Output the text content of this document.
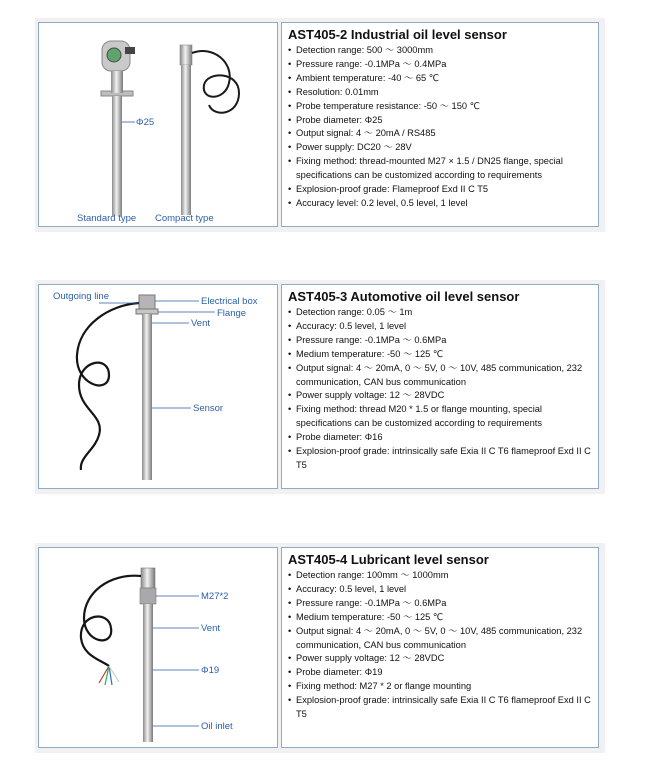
Φ25
Standard type Compact type
AST405-2 Industrial oil level sensor
• Detection range: 500 ～ 3000mm
• Pressure range: -0.1MPa ～ 0.4MPa
• Ambient temperature: -40 ～ 65 ℃
• Resolution: 0.01mm
• Probe temperature resistance: -50 ～ 150 ℃
• Probe diameter: Φ25
• Output signal: 4 ～ 20mA / RS485
• Power supply: DC20 ～ 28V
• Fixing method: thread-mounted M27 × 1.5 / DN25 flange, special specifications can be customized according to requirements
• Explosion-proof grade: Flameproof Exd II C T5
• Accuracy level: 0.2 level, 0.5 level, 1 level
Outgoing line	Electrical box
Flange
Vent
Sensor
AST405-3 Automotive oil level sensor
• Detection range: 0.05 ～ 1m
• Accuracy: 0.5 level, 1 level
• Pressure range: -0.1MPa ～ 0.6MPa
• Medium temperature: -50 ～ 125 ℃
• Output signal: 4 ～ 20mA, 0 ～ 5V, 0 ～ 10V, 485 communication, 232 communication, CAN bus communication
• Power supply voltage: 12 ～ 28VDC
• Fixing method: thread M20 * 1.5 or flange mounting, special specifications can be customized according to requirements
• Probe diameter: Φ16
• Explosion-proof grade: intrinsically safe Exia II C T6 flameproof Exd II C T5
M27*2
Vent
Φ19
Oil inlet
AST405-4 Lubricant level sensor
• Detection range: 100mm ～ 1000mm
• Accuracy: 0.5 level, 1 level
• Pressure range: -0.1MPa ～ 0.6MPa
• Medium temperature: -50 ～ 125 ℃
• Output signal: 4 ～ 20mA, 0 ～ 5V, 0 ～ 10V, 485 communication, 232 communication, CAN bus communication
• Power supply voltage: 12 ～ 28VDC
• Probe diameter: Φ19
• Fixing method: M27 * 2 or flange mounting
• Explosion-proof grade: intrinsically safe Exia II C T6 flameproof Exd II C T5
